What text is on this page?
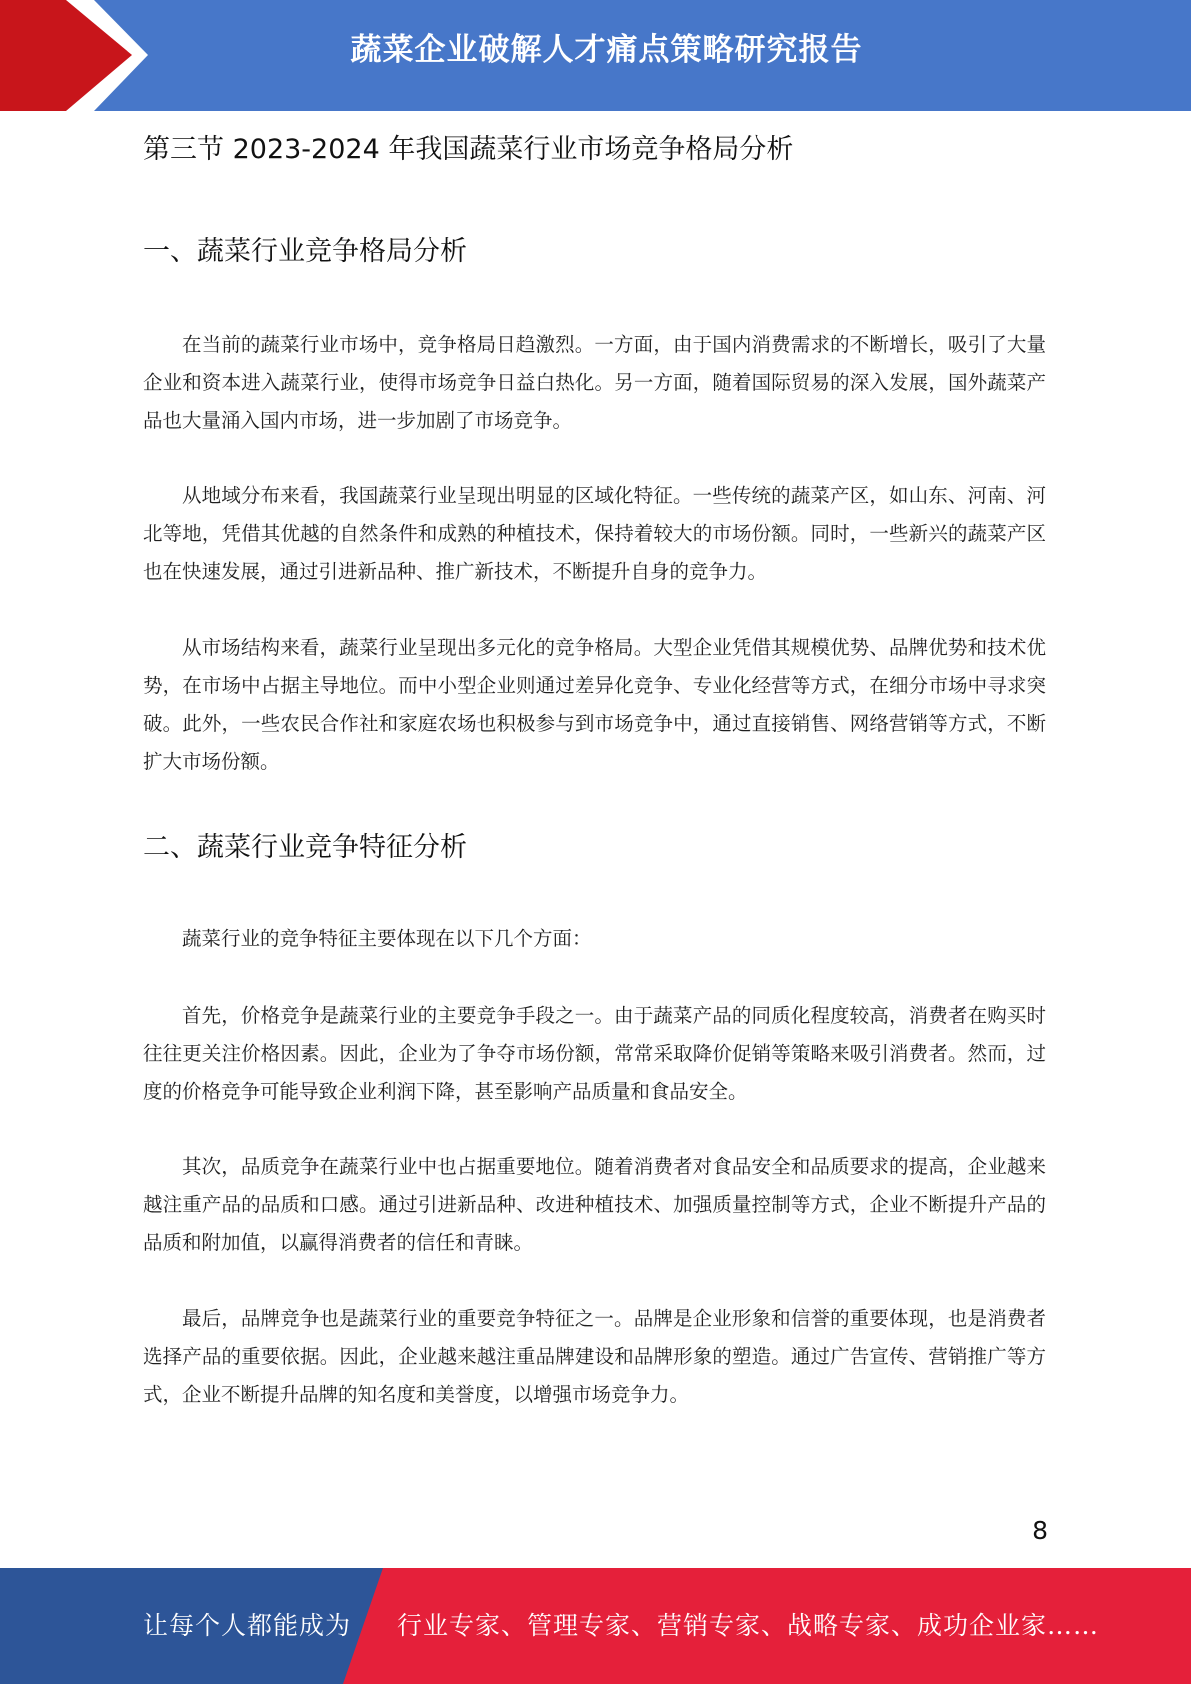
蔬菜企业破解人才痛点策略研究报告
第三节 2023-2024 年我国蔬菜行业市场竞争格局分析
一、蔬菜行业竞争格局分析

在当前的蔬菜行业市场中，竞争格局日趋激烈。一方面，由于国内消费需求的不断增长，吸引了大量企业和资本进入蔬菜行业，使得市场竞争日益白热化。另一方面，随着国际贸易的深入发展，国外蔬菜产品也大量涌入国内市场，进一步加剧了市场竞争。

从地域分布来看，我国蔬菜行业呈现出明显的区域化特征。一些传统的蔬菜产区，如山东、河南、河北等地，凭借其优越的自然条件和成熟的种植技术，保持着较大的市场份额。同时，一些新兴的蔬菜产区也在快速发展，通过引进新品种、推广新技术，不断提升自身的竞争力。

从市场结构来看，蔬菜行业呈现出多元化的竞争格局。大型企业凭借其规模优势、品牌优势和技术优势，在市场中占据主导地位。而中小型企业则通过差异化竞争、专业化经营等方式，在细分市场中寻求突破。此外，一些农民合作社和家庭农场也积极参与到市场竞争中，通过直接销售、网络营销等方式，不断扩大市场份额。

二、蔬菜行业竞争特征分析

蔬菜行业的竞争特征主要体现在以下几个方面：

首先，价格竞争是蔬菜行业的主要竞争手段之一。由于蔬菜产品的同质化程度较高，消费者在购买时往往更关注价格因素。因此，企业为了争夺市场份额，常常采取降价促销等策略来吸引消费者。然而，过度的价格竞争可能导致企业利润下降，甚至影响产品质量和食品安全。

其次，品质竞争在蔬菜行业中也占据重要地位。随着消费者对食品安全和品质要求的提高，企业越来越注重产品的品质和口感。通过引进新品种、改进种植技术、加强质量控制等方式，企业不断提升产品的品质和附加值，以赢得消费者的信任和青睐。

最后，品牌竞争也是蔬菜行业的重要竞争特征之一。品牌是企业形象和信誉的重要体现，也是消费者选择产品的重要依据。因此，企业越来越注重品牌建设和品牌形象的塑造。通过广告宣传、营销推广等方式，企业不断提升品牌的知名度和美誉度，以增强市场竞争力。

8
让每个人都能成为 行业专家、管理专家、营销专家、战略专家、成功企业家……
